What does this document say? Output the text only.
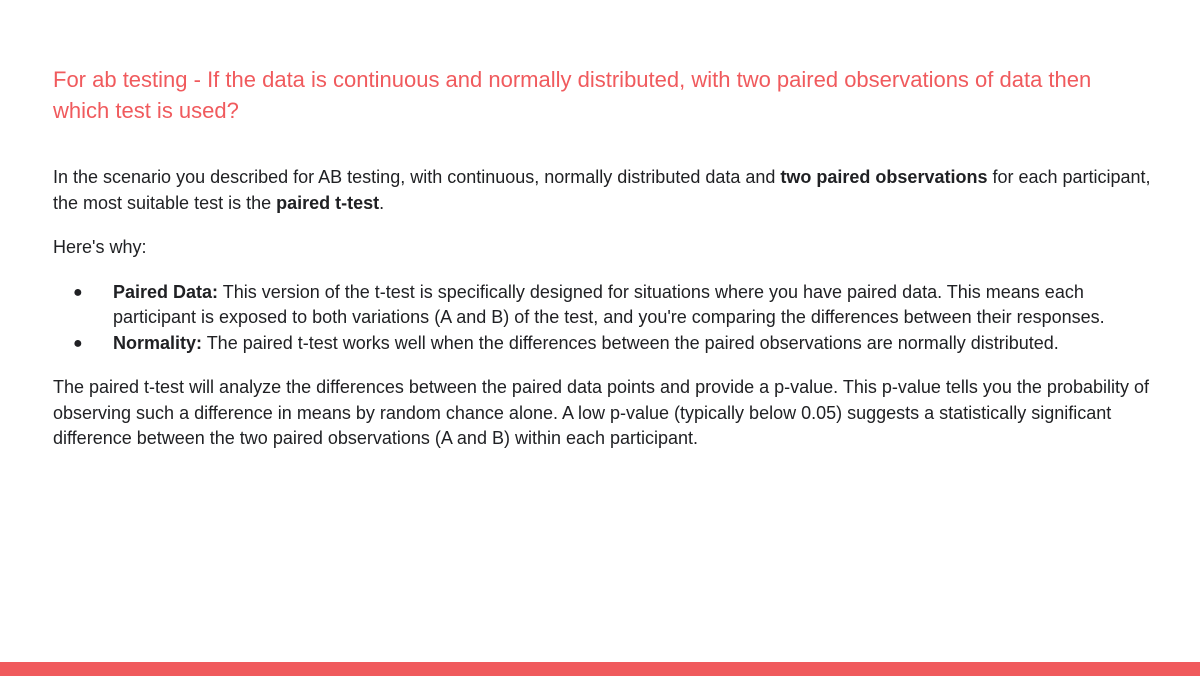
For ab testing - If the data is continuous and normally distributed, with two paired observations of data then which test is used?

In the scenario you described for AB testing, with continuous, normally distributed data and two paired observations for each participant, the most suitable test is the paired t-test.

Here's why:

● Paired Data: This version of the t-test is specifically designed for situations where you have paired data. This means each participant is exposed to both variations (A and B) of the test, and you're comparing the differences between their responses.
● Normality: The paired t-test works well when the differences between the paired observations are normally distributed.

The paired t-test will analyze the differences between the paired data points and provide a p-value. This p-value tells you the probability of observing such a difference in means by random chance alone. A low p-value (typically below 0.05) suggests a statistically significant difference between the two paired observations (A and B) within each participant.
